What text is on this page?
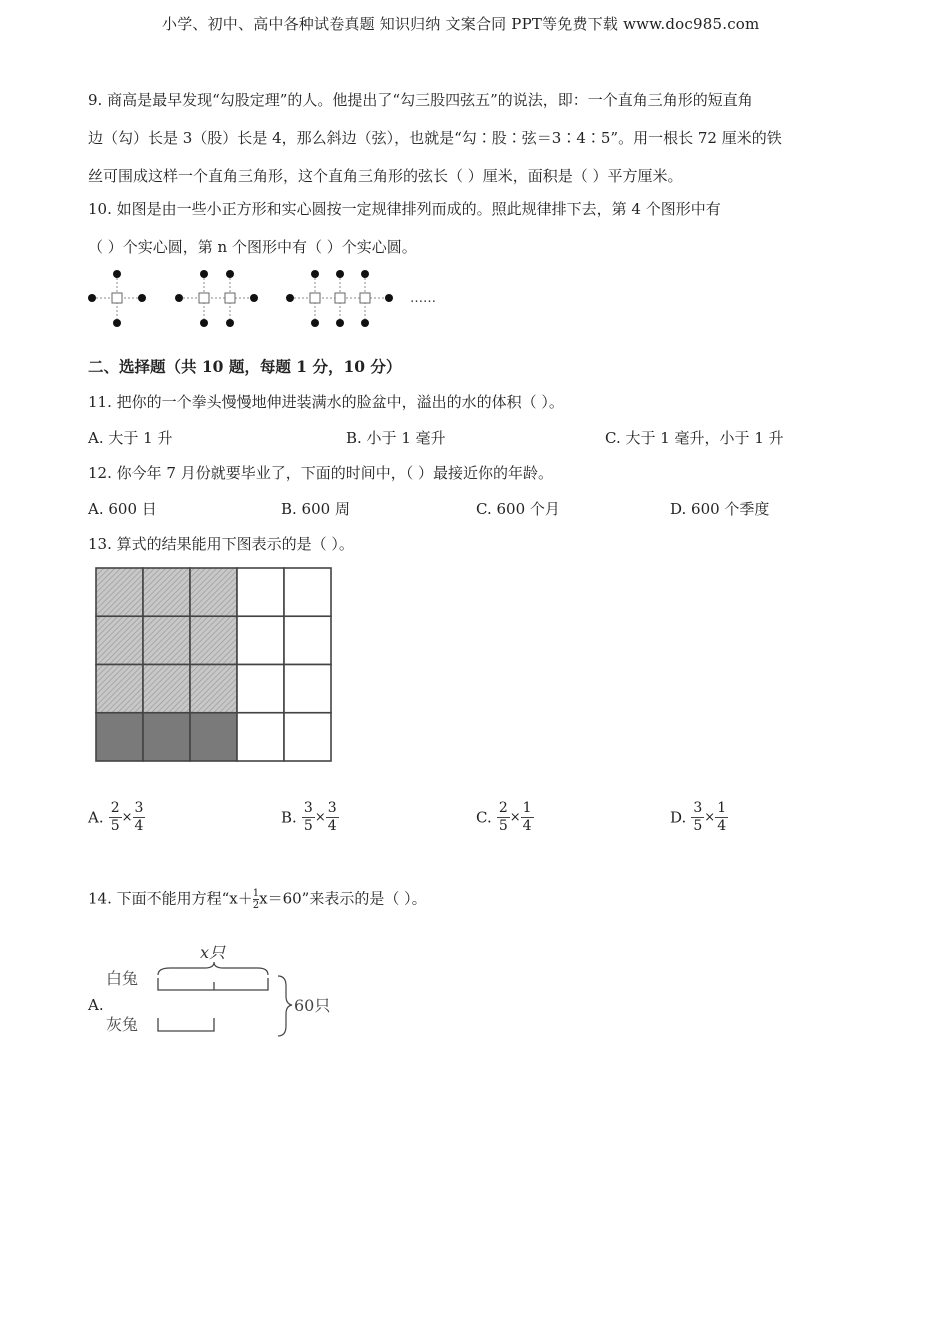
小学、初中、高中各种试卷真题 知识归纳 文案合同 PPT等免费下载 www.doc985.com
9. 商高是最早发现“勾股定理”的人。他提出了“勾三股四弦五”的说法，即：一个直角三角形的短直角
边（勾）长是 3（股）长是 4，那么斜边（弦），也就是“勾∶股∶弦＝3∶4∶5”。用一根长 72 厘米的铁
丝可围成这样一个直角三角形，这个直角三角形的弦长（ ）厘米，面积是（ ）平方厘米。
10. 如图是由一些小正方形和实心圆按一定规律排列而成的。照此规律排下去，第 4 个图形中有
（ ）个实心圆，第 n 个图形中有（ ）个实心圆。
……
二、选择题（共 10 题，每题 1 分，10 分）
11. 把你的一个拳头慢慢地伸进装满水的脸盆中，溢出的水的体积（ ）。
A. 大于 1 升	B. 小于 1 毫升	C. 大于 1 毫升，小于 1 升
12. 你今年 7 月份就要毕业了，下面的时间中，（ ）最接近你的年龄。
A. 600 日	B. 600 周	C. 600 个月	D. 600 个季度
13. 算式的结果能用下图表示的是（ ）。
A. $\frac{2}{5} \times \frac{3}{4}$	B. $\frac{3}{5} \times \frac{3}{4}$	C. $\frac{2}{5} \times \frac{1}{4}$	D. $\frac{3}{5} \times \frac{1}{4}$
14. 下面不能用方程“$x+ \frac{1}{2} x=60$”来表示的是（ ）。
A.
x只
白兔
灰兔
60只
